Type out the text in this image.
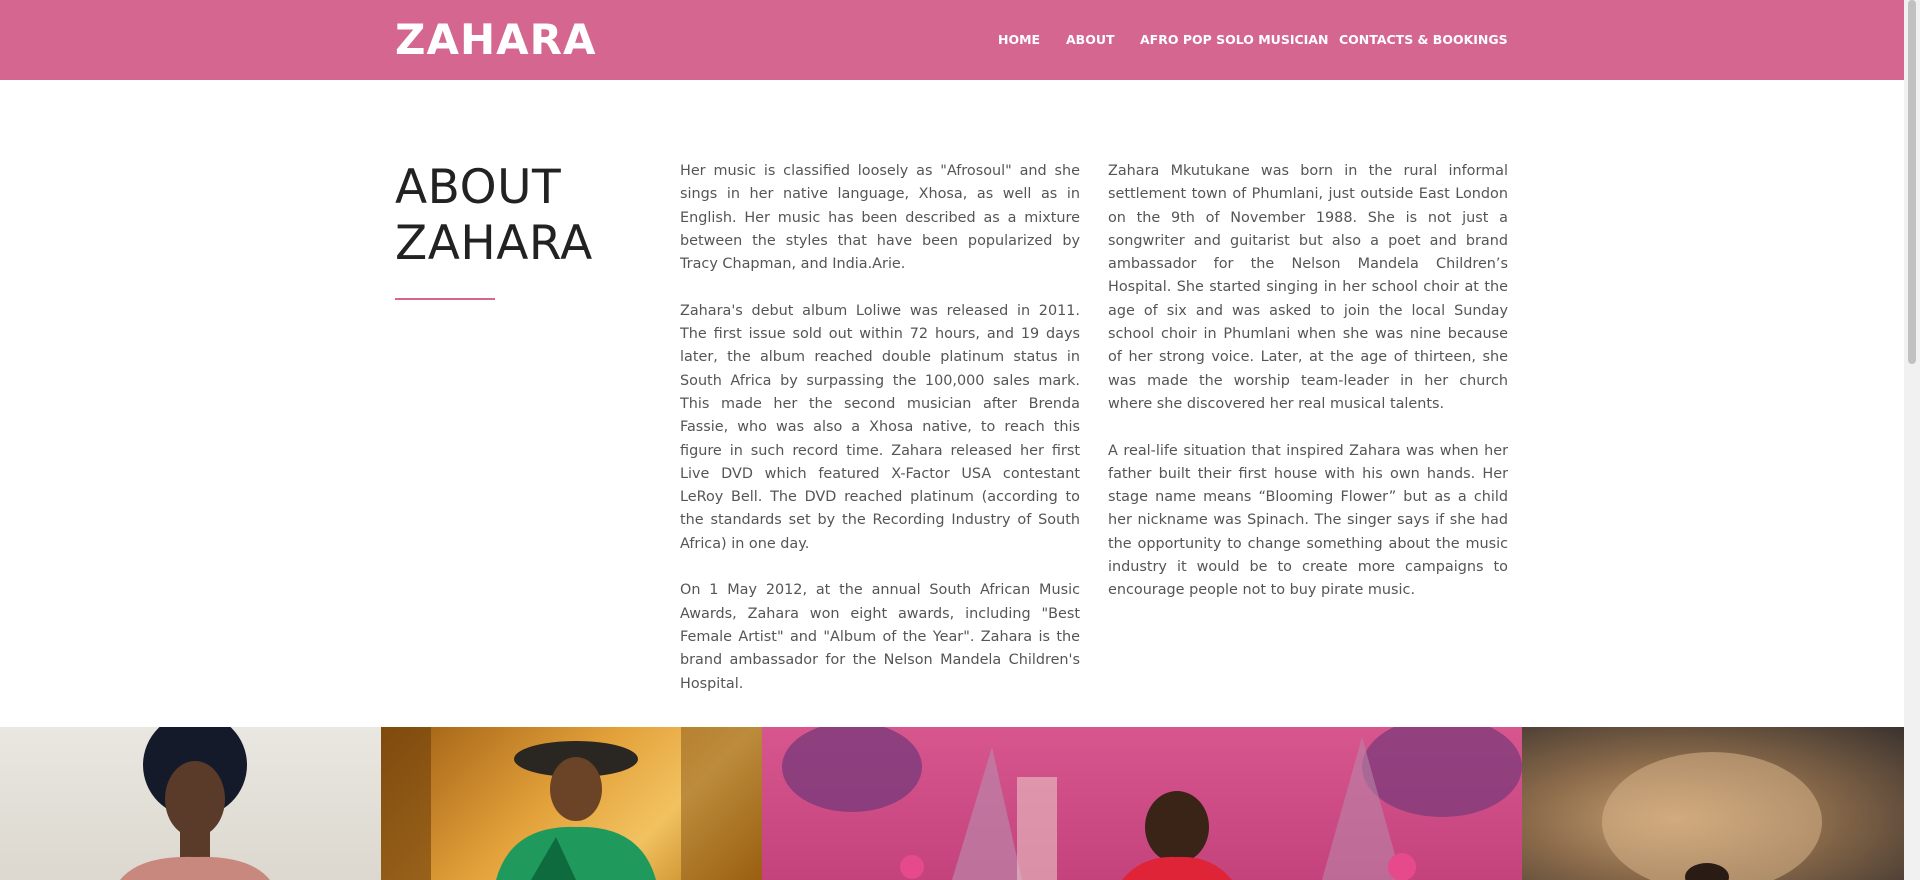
ZAHARA	HOME ABOUT AFRO POP SOLO MUSICIAN CONTACTS & BOOKINGS
ABOUT
ZAHARA

Her music is classified loosely as "Afrosoul" and she sings in her native language, Xhosa, as well as in English. Her music has been described as a mixture between the styles that have been popularized by Tracy Chapman, and India.Arie.

Zahara's debut album Loliwe was released in 2011. The first issue sold out within 72 hours, and 19 days later, the album reached double platinum status in South Africa by surpassing the 100,000 sales mark. This made her the second musician after Brenda Fassie, who was also a Xhosa native, to reach this figure in such record time. Zahara released her first Live DVD which featured X-Factor USA contestant LeRoy Bell. The DVD reached platinum (according to the standards set by the Recording Industry of South Africa) in one day.

On 1 May 2012, at the annual South African Music Awards, Zahara won eight awards, including "Best Female Artist" and "Album of the Year". Zahara is the brand ambassador for the Nelson Mandela Children's Hospital.

Zahara Mkutukane was born in the rural informal settlement town of Phumlani, just outside East London on the 9th of November 1988. She is not just a songwriter and guitarist but also a poet and brand ambassador for the Nelson Mandela Children’s Hospital. She started singing in her school choir at the age of six and was asked to join the local Sunday school choir in Phumlani when she was nine because of her strong voice. Later, at the age of thirteen, she was made the worship team-leader in her church where she discovered her real musical talents.

A real-life situation that inspired Zahara was when her father built their first house with his own hands. Her stage name means “Blooming Flower” but as a child her nickname was Spinach. The singer says if she had the opportunity to change something about the music industry it would be to create more campaigns to encourage people not to buy pirate music.
